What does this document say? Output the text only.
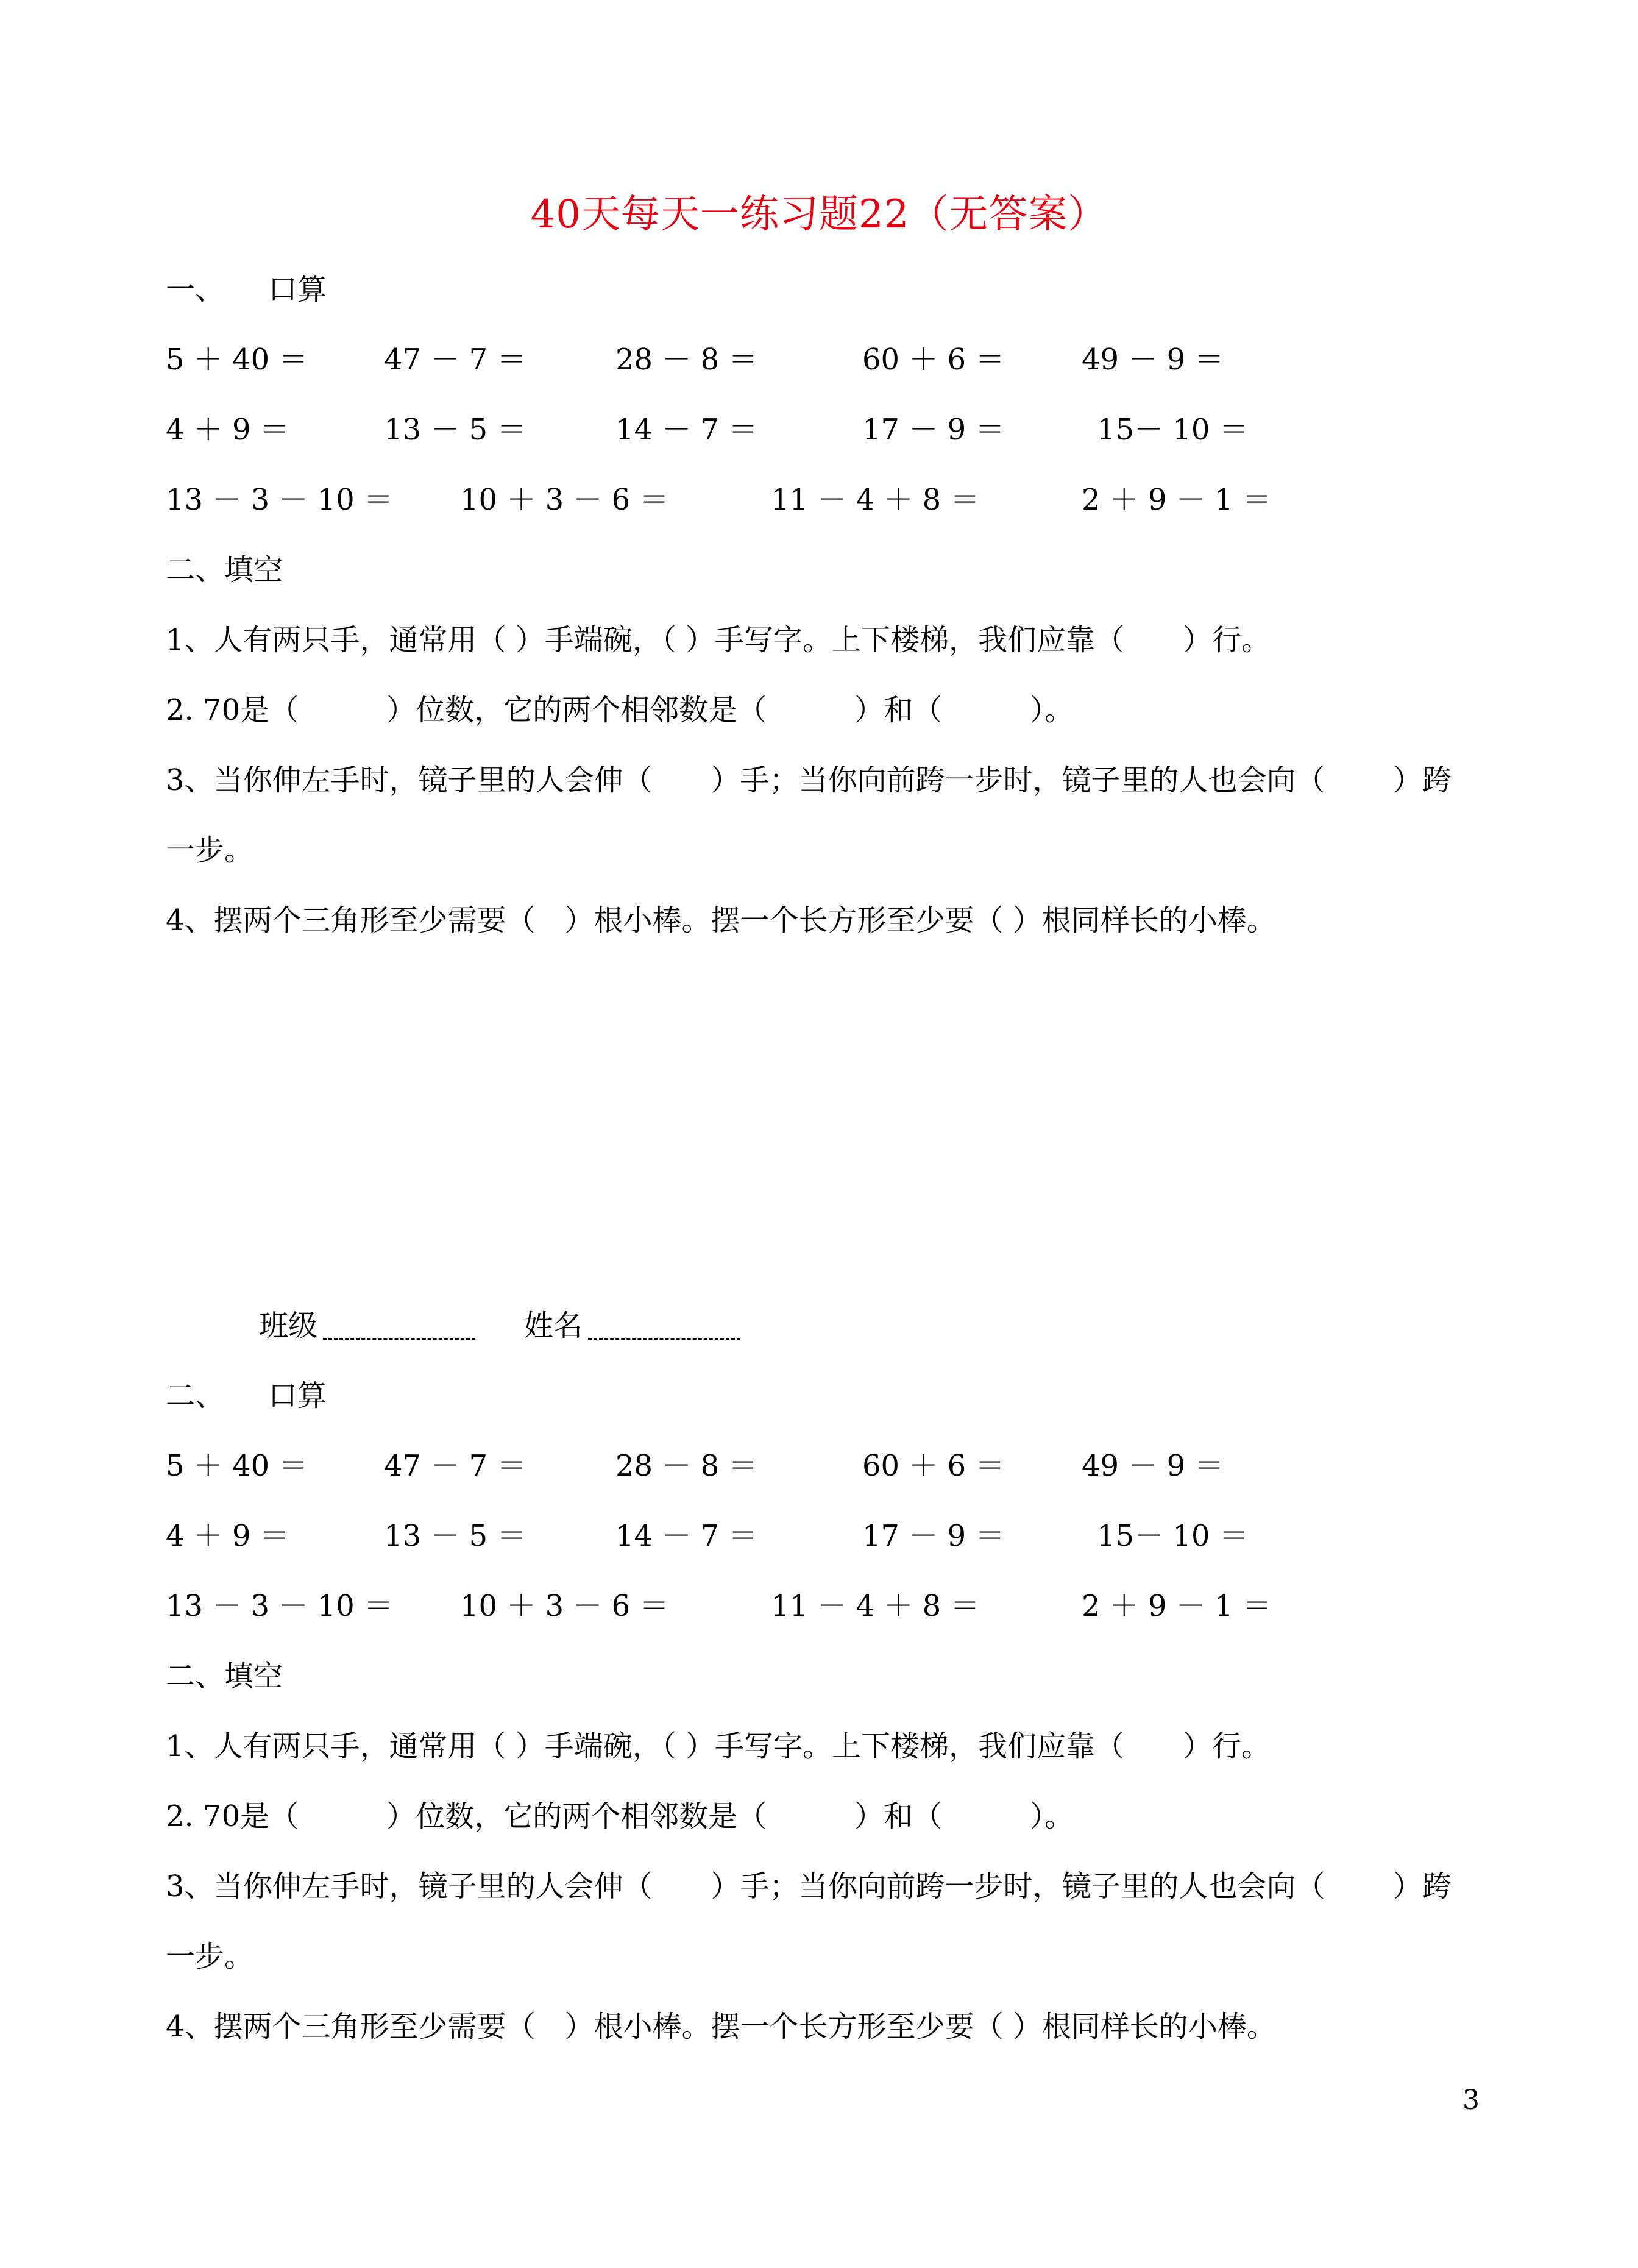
40天每天一练习题22（无答案）
一、　　口算
5 ＋ 40 ＝	47 － 7 ＝	28 － 8 ＝	60 ＋ 6 ＝	49 － 9 ＝
4 ＋ 9 ＝	13 － 5 ＝	14 － 7 ＝	17 － 9 ＝	15－ 10 ＝
13 － 3 － 10 ＝ 10 ＋ 3 － 6 ＝	11 － 4 ＋ 8 ＝	2 ＋ 9 － 1 ＝
二、填空
1、人有两只手，通常用（ ）手端碗，（ ）手写字。上下楼梯，我们应靠（　　）行。
2. 70是（　　　）位数，它的两个相邻数是（　　　）和（　　　）。
3、当你伸左手时，镜子里的人会伸（　　）手；当你向前跨一步时，镜子里的人也会向（　　 ）跨
一步。
4、摆两个三角形至少需要（　）根小棒。摆一个长方形至少要（ ）根同样长的小棒。
班级	姓名
二、　　口算
5 ＋ 40 ＝	47 － 7 ＝	28 － 8 ＝	60 ＋ 6 ＝	49 － 9 ＝
4 ＋ 9 ＝	13 － 5 ＝	14 － 7 ＝	17 － 9 ＝	15－ 10 ＝
13 － 3 － 10 ＝ 10 ＋ 3 － 6 ＝	11 － 4 ＋ 8 ＝	2 ＋ 9 － 1 ＝
二、填空
1、人有两只手，通常用（ ）手端碗，（ ）手写字。上下楼梯，我们应靠（　　）行。
2. 70是（　　　）位数，它的两个相邻数是（　　　）和（　　　）。
3、当你伸左手时，镜子里的人会伸（　　）手；当你向前跨一步时，镜子里的人也会向（　　 ）跨
一步。
4、摆两个三角形至少需要（　）根小棒。摆一个长方形至少要（ ）根同样长的小棒。
3
